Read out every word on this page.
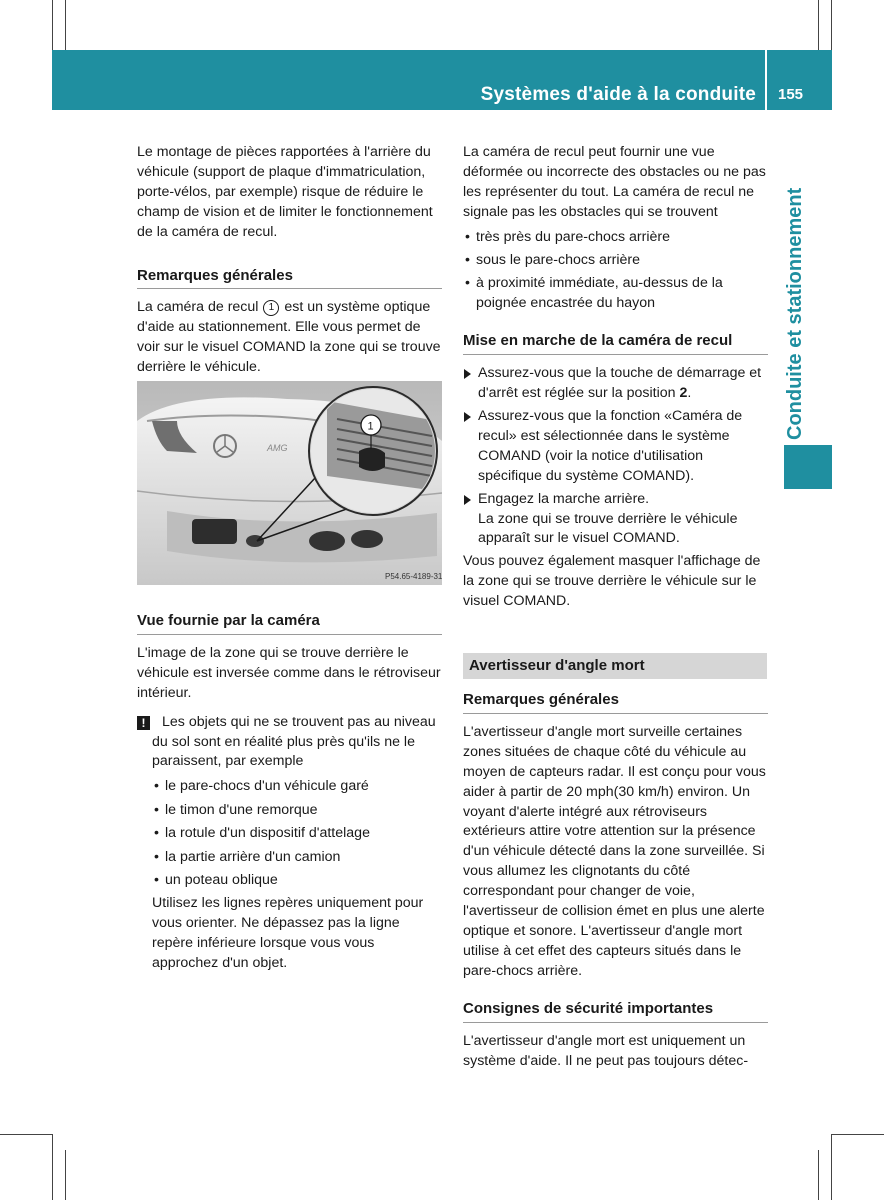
Systèmes d'aide à la conduite 155
Conduite et stationnement

Le montage de pièces rapportées à l'arrière du véhicule (support de plaque d'immatriculation, porte-vélos, par exemple) risque de réduire le champ de vision et de limiter le fonctionnement de la caméra de recul.

Remarques générales

La caméra de recul 1 est un système optique d'aide au stationnement. Elle vous permet de voir sur le visuel COMAND la zone qui se trouve derrière le véhicule.

AMG
1
P54.65-4189-31
Vue fournie par la caméra

L'image de la zone qui se trouve derrière le véhicule est inversée comme dans le rétroviseur intérieur.

!	Les objets qui ne se trouvent pas au niveau du sol sont en réalité plus près qu'ils ne le paraissent, par exemple

• le pare-chocs d'un véhicule garé
• le timon d'une remorque
• la rotule d'un dispositif d'attelage
• la partie arrière d'un camion
• un poteau oblique

Utilisez les lignes repères uniquement pour vous orienter. Ne dépassez pas la ligne repère inférieure lorsque vous vous approchez d'un objet.

La caméra de recul peut fournir une vue déformée ou incorrecte des obstacles ou ne pas les représenter du tout. La caméra de recul ne signale pas les obstacles qui se trouvent

• très près du pare-chocs arrière
• sous le pare-chocs arrière
• à proximité immédiate, au-dessus de la poignée encastrée du hayon
Mise en marche de la caméra de recul
Assurez-vous que la touche de démarrage et d'arrêt est réglée sur la position 2.
Assurez-vous que la fonction «Caméra de recul» est sélectionnée dans le système COMAND (voir la notice d'utilisation spécifique du système COMAND).
Engagez la marche arrière.
La zone qui se trouve derrière le véhicule apparaît sur le visuel COMAND.

Vous pouvez également masquer l'affichage de la zone qui se trouve derrière le véhicule sur le visuel COMAND.

Avertisseur d'angle mort
Remarques générales

L'avertisseur d'angle mort surveille certaines zones situées de chaque côté du véhicule au moyen de capteurs radar. Il est conçu pour vous aider à partir de 20 mph(30 km/h) environ. Un voyant d'alerte intégré aux rétroviseurs extérieurs attire votre attention sur la présence d'un véhicule détecté dans la zone surveillée. Si vous allumez les clignotants du côté correspondant pour changer de voie, l'avertisseur de collision émet en plus une alerte optique et sonore. L'avertisseur d'angle mort utilise à cet effet des capteurs situés dans le pare-chocs arrière.

Consignes de sécurité importantes

L'avertisseur d'angle mort est uniquement un système d'aide. Il ne peut pas toujours détec-
